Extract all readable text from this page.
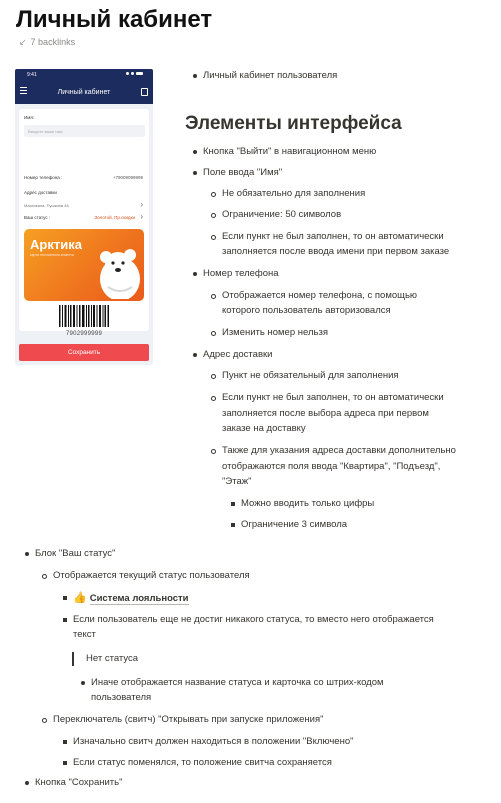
Личный кабинет
↙ 7 backlinks
9:41
Личный кабинет
Имя:
Введите ваше имя
Номер телефона :	+79009099999
Адрес доставки
Махачкала, Пушкина 46	›
Ваш статус :	Золотой, Пр.скидки ›
Арктика
карта постоянного клиента
7902999999
Сохранить
Личный кабинет пользователя
Элементы интерфейса
Кнопка "Выйти" в навигационном меню
Поле ввода "Имя"
Не обязательно для заполнения
Ограничение: 50 символов
Если пункт не был заполнен, то он автоматически
заполняется после ввода имени при первом заказе
Номер телефона
Отображается номер телефона, с помощью
которого пользователь авторизовался
Изменить номер нельзя
Адрес доставки
Пункт не обязательный для заполнения
Если пункт не был заполнен, то он автоматически
заполняется после выбора адреса при первом
заказе на доставку
Также для указания адреса доставки дополнительно
отображаются поля ввода "Квартира", "Подъезд",
"Этаж"
Можно вводить только цифры
Ограничение 3 символа
Блок "Ваш статус"
Отображается текущий статус пользователя
👍 Система лояльности
Если пользователь еще не достиг никакого статуса, то вместо него отображается
текст
Нет статуса
Иначе отображается название статуса и карточка со штрих-кодом
пользователя
Переключатель (свитч) "Открывать при запуске приложения"
Изначально свитч должен находиться в положении "Включено"
Если статус поменялся, то положение свитча сохраняется
Кнопка "Сохранить"
